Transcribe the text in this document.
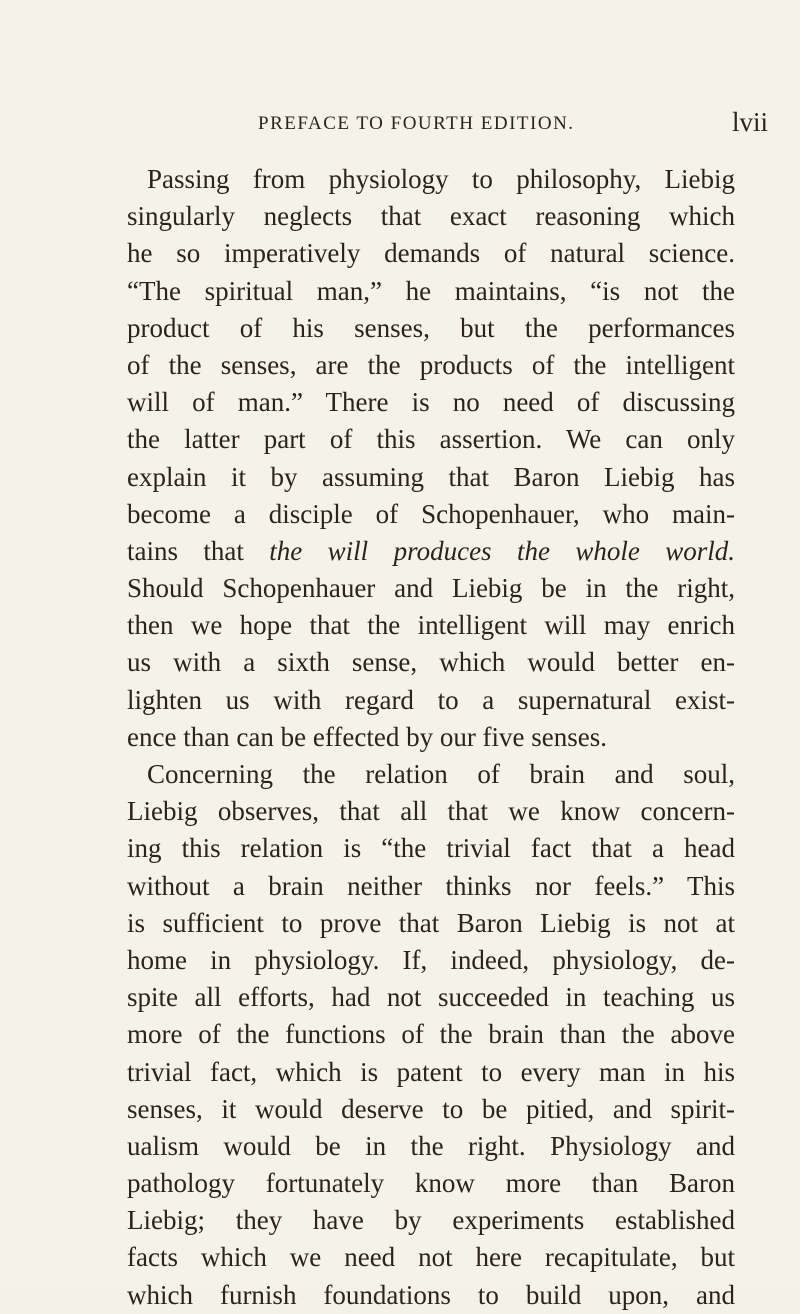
PREFACE TO FOURTH EDITION.	lvii
Passing from physiology to philosophy, Liebig
singularly neglects that exact reasoning which
he so imperatively demands of natural science.
“The spiritual man,” he maintains, “is not the
product of his senses, but the performances
of the senses, are the products of the intelligent
will of man.” There is no need of discussing
the latter part of this assertion. We can only
explain it by assuming that Baron Liebig has
become a disciple of Schopenhauer, who main-
tains that the will produces the whole world.
Should Schopenhauer and Liebig be in the right,
then we hope that the intelligent will may enrich
us with a sixth sense, which would better en-
lighten us with regard to a supernatural exist-
ence than can be effected by our five senses.
Concerning the relation of brain and soul,
Liebig observes, that all that we know concern-
ing this relation is “the trivial fact that a head
without a brain neither thinks nor feels.” This
is sufficient to prove that Baron Liebig is not at
home in physiology. If, indeed, physiology, de-
spite all efforts, had not succeeded in teaching us
more of the functions of the brain than the above
trivial fact, which is patent to every man in his
senses, it would deserve to be pitied, and spirit-
ualism would be in the right. Physiology and
pathology fortunately know more than Baron
Liebig; they have by experiments established
facts which we need not here recapitulate, but
which furnish foundations to build upon, and
